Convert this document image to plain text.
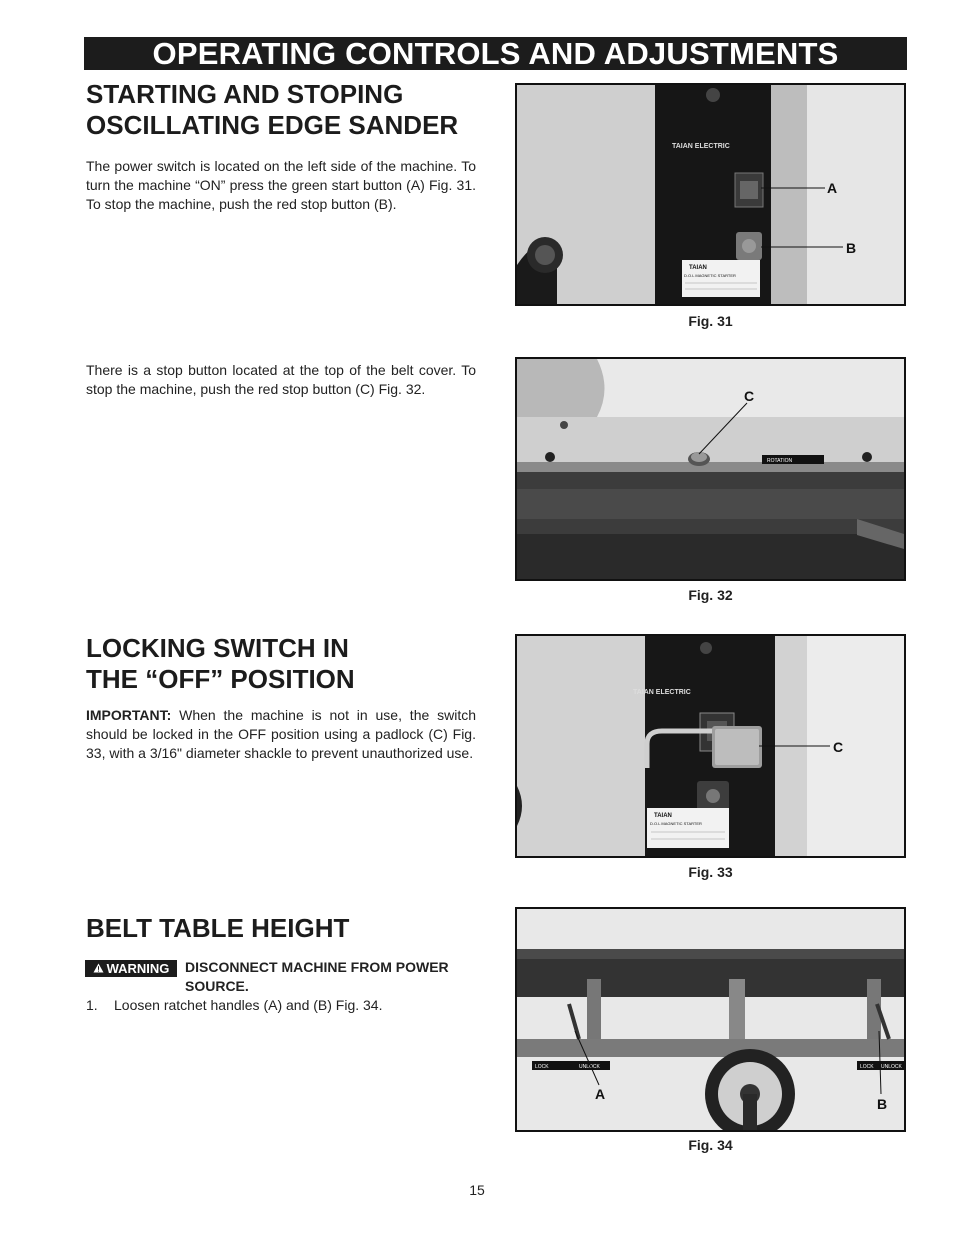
OPERATING CONTROLS AND ADJUSTMENTS
STARTING AND STOPING
OSCILLATING EDGE SANDER
The power switch is located on the left side of the machine. To turn the machine “ON” press the green start button (A) Fig. 31. To stop the machine, push the red stop button (B).
TAIAN ELECTRIC
TAIAN
D.O.L MAGNETIC STARTER
A
B
Fig. 31
There is a stop button located at the top of the belt cover. To stop the machine, push the red stop button (C) Fig. 32.
ROTATION
C
Fig. 32
LOCKING SWITCH IN
THE “OFF” POSITION
IMPORTANT: When the machine is not in use, the switch should be locked in the OFF position using a padlock (C) Fig. 33, with a 3/16" diameter shackle to prevent unauthorized use.
TAIAN ELECTRIC
TAIAN
D.O.L MAGNETIC STARTER
C
Fig. 33
BELT TABLE HEIGHT
WARNING DISCONNECT MACHINE FROM POWER SOURCE.
1. Loosen ratchet handles (A) and (B) Fig. 34.
LOCK	UNLOCK	LOCK UNLOCK
A
B
Fig. 34
15
